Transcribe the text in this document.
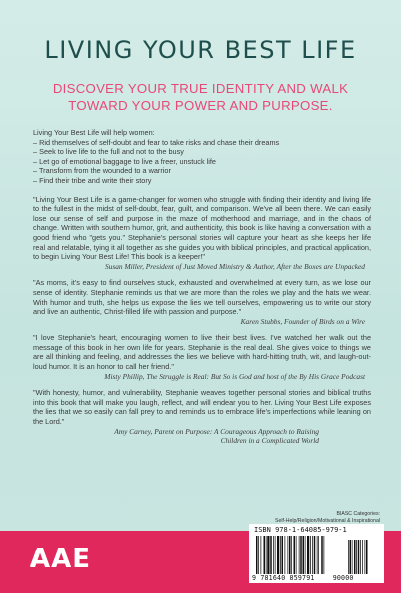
LIVING YOUR BEST LIFE
DISCOVER YOUR TRUE IDENTITY AND WALK
TOWARD YOUR POWER AND PURPOSE.

Living Your Best Life will help women:

– Rid themselves of self-doubt and fear to take risks and chase their dreams
– Seek to live life to the full and not to the busy
– Let go of emotional baggage to live a freer, unstuck life
– Transform from the wounded to a warrior
– Find their tribe and write their story

"Living Your Best Life is a game-changer for women who struggle with finding their identity and living life to the fullest in the midst of self-doubt, fear, guilt, and comparison. We've all been there. We can easily lose our sense of self and purpose in the maze of motherhood and marriage, and in the chaos of change. Written with southern humor, grit, and authenticity, this book is like having a conversation with a good friend who "gets you." Stephanie's personal stories will capture your heart as she keeps her life real and relatable, tying it all together as she guides you with biblical principles, and practical application, to begin Living Your Best Life! This book is a keeper!"

Susan Miller, President of Just Moved Ministry & Author, After the Boxes are Unpacked

"As moms, it's easy to find ourselves stuck, exhausted and overwhelmed at every turn, as we lose our sense of identity. Stephanie reminds us that we are more than the roles we play and the hats we wear. With humor and truth, she helps us expose the lies we tell ourselves, empowering us to write our story and live an authentic, Christ-filled life with passion and purpose."

Karen Stubbs, Founder of Birds on a Wire

"I love Stephanie's heart, encouraging women to live their best lives. I've watched her walk out the message of this book in her own life for years. Stephanie is the real deal. She gives voice to things we are all thinking and feeling, and addresses the lies we believe with hard-hitting truth, wit, and laugh-out-loud humor. It is an honor to call her friend."

Misty Phillip, The Struggle is Real: But So is God and host of the By His Grace Podcast

"With honesty, humor, and vulnerability, Stephanie weaves together personal stories and biblical truths into this book that will make you laugh, reflect, and will endear you to her. Living Your Best Life exposes the lies that we so easily can fall prey to and reminds us to embrace life's imperfections while leaning on the Lord."

Amy Carney, Parent on Purpose: A Courageous Approach to Raising

Children in a Complicated World

AAE
BIASC Categories:
Self-Help/Religion/Motivational & Inspirational
ISBN 978-1-64085-979-1
9 781640 859791	90000
